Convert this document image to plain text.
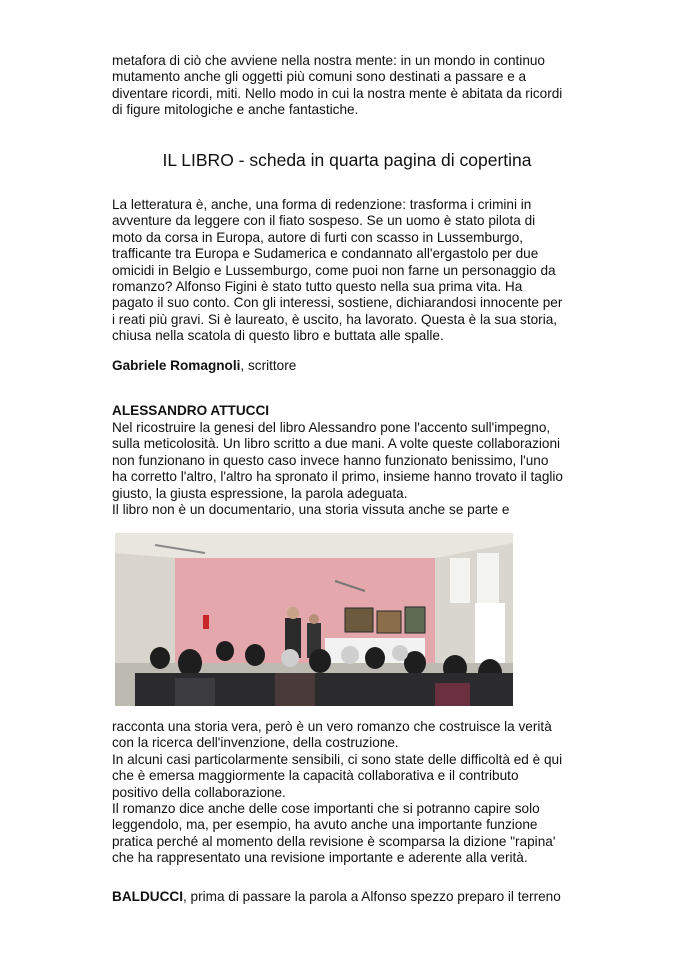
metafora di ciò che avviene nella nostra mente: in un mondo in continuo

mutamento anche gli oggetti più comuni sono destinati a passare e a

diventare ricordi, miti. Nello modo in cui la nostra mente è abitata da ricordi

di figure mitologiche e anche fantastiche.

IL LIBRO - scheda in quarta pagina di copertina

La letteratura è, anche, una forma di redenzione: trasforma i crimini in

avventure da leggere con il fiato sospeso. Se un uomo è stato pilota di

moto da corsa in Europa, autore di furti con scasso in Lussemburgo,

trafficante tra Europa e Sudamerica e condannato all'ergastolo per due

omicidi in Belgio e Lussemburgo, come puoi non farne un personaggio da

romanzo? Alfonso Figini è stato tutto questo nella sua prima vita. Ha

pagato il suo conto. Con gli interessi, sostiene, dichiarandosi innocente per

i reati più gravi. Si è laureato, è uscito, ha lavorato. Questa è la sua storia,

chiusa nella scatola di questo libro e buttata alle spalle.

Gabriele Romagnoli, scrittore

ALESSANDRO ATTUCCI

Nel ricostruire la genesi del libro Alessandro pone l'accento sull'impegno,

sulla meticolosità. Un libro scritto a due mani. A volte queste collaborazioni

non funzionano in questo caso invece hanno funzionato benissimo, l'uno

ha corretto l'altro, l'altro ha spronato il primo, insieme hanno trovato il taglio

giusto, la giusta espressione, la parola adeguata.

Il libro non è un documentario, una storia vissuta anche se parte e

racconta una storia vera, però è un vero romanzo che costruisce la verità

con la ricerca dell'invenzione, della costruzione.

In alcuni casi particolarmente sensibili, ci sono state delle difficoltà ed è qui

che è emersa maggiormente la capacità collaborativa e il contributo

positivo della collaborazione.

Il romanzo dice anche delle cose importanti che si potranno capire solo

leggendolo, ma, per esempio, ha avuto anche una importante funzione

pratica perché al momento della revisione è scomparsa la dizione "rapina'

che ha rappresentato una revisione importante e aderente alla verità.

BALDUCCI, prima di passare la parola a Alfonso spezzo preparo il terreno
